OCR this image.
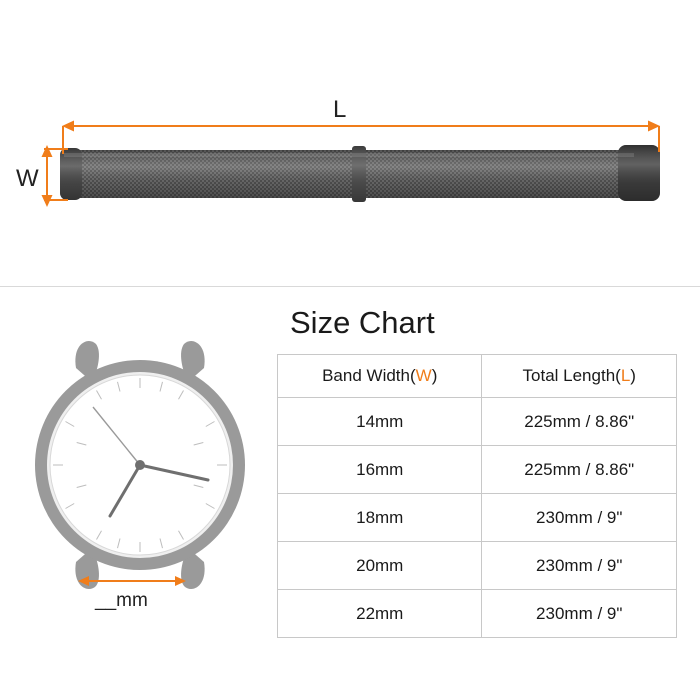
L
W
__mm
Size Chart
Band Width(W)	Total Length(L)
14mm	225mm / 8.86"
16mm	225mm / 8.86"
18mm	230mm / 9"
20mm	230mm / 9"
22mm	230mm / 9"
